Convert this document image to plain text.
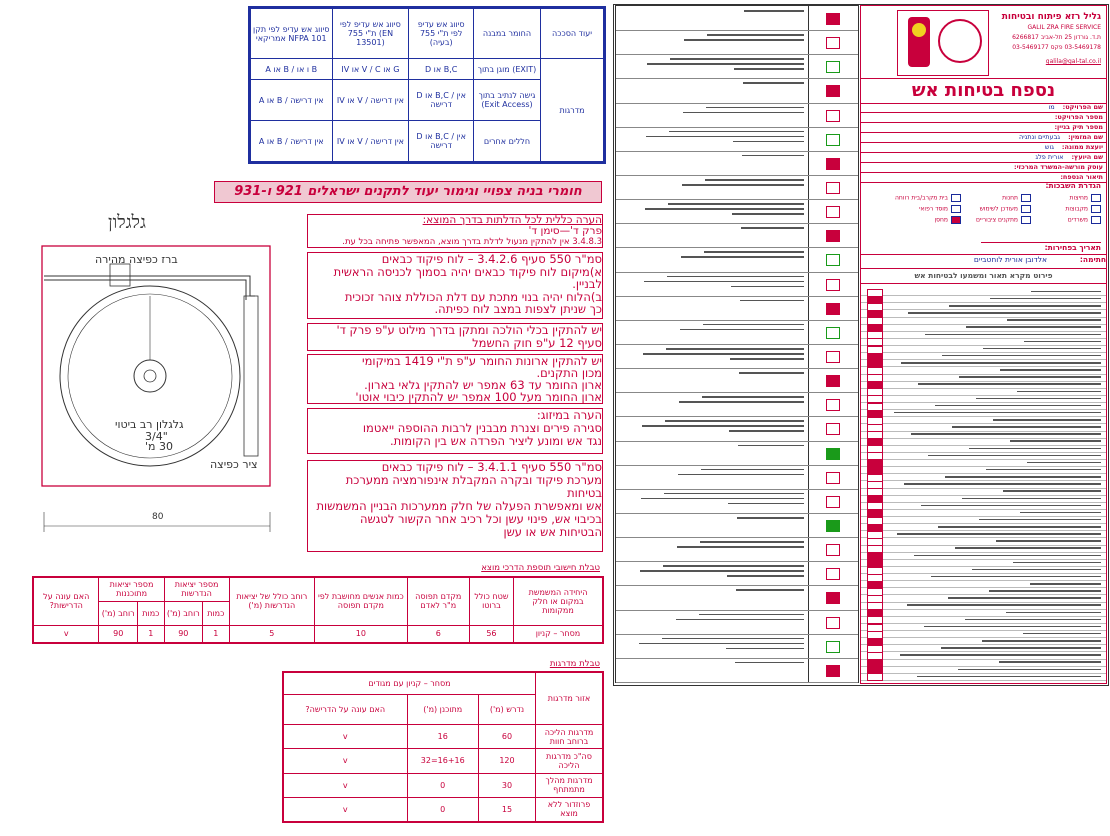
סיווג אש עדיפ לפי תקן אמריקאי NFPA 101	סיווג אש עדיפ לפי ת"י 755 (EN 13501)	סיווג אש עדיפ לפי ת"י 755 (בעיה)	החומר במבנה	יעוד הסככה
A או B / ו או B	IV או V / C או G	D או B,C	מוגן בתוך (EXIT)	מדרגות
A או B / אין דרישה	IV או V / אין דרישה	D או B,C / אין דרישה	גישה לנתיב בתוך (Exit Access)	
A או B / אין דרישה	IV או V / אין דרישה	D או B,C / אין דרישה	חללים אחרים	
חומרי בניה צפויי וגימור יעוד לתקנים ישראלים 921 ו-931
גלגלון
ברז כפיצה מהירה
גלגלון רב ביטוי
3/4"
30 מ'
ציר כפיצה
80
הערה כללית לכל הדלתות בדרך המוצא:
פרק ד'—סימן ד'
3.4.8.3 אין להתקין מנעול לדלת בדרך מוצא, המאפשר פתיחה בכל עת.
סמ"ר 550 סעיף 3.4.2.6 – לוח פיקוד כבאים
א)מיקום לוח פיקוד כבאים יהיה בסמוך לכניסה הראשית
לבניין.
ב)הלוח יהיה בנוי מתכת עם דלת הכוללת צוהר זכוכית
כך שניתן לצפות במצב לוח כפיתה.
יש להתקין בכלי הולכה ומתקן בדרך מילוט ע"פ פרק ד'
סעיף 12 ע"פ חוק החשמל
יש להתקין ארונות החומר ע"פ ת"י 1419 במיקומי
מכון התקנים.
ארון החומר עד 63 אמפר יש להתקין גלאי בארון.
ארון החומר מעל 100 אמפר יש להתקין כיבוי אוטו'
הערה במיזוג:
סגירה פירים וצנרת מבבנין לרבות ההוספה ייאטמו
נגד אש ומונע ליציר הפרדה אש בין הקומות.
סמ"ר 550 סעיף 3.4.1.1 – לוח פיקוד כבאים
מערכת פיקוד ובקרה המקבלת אינפורמציה ממערכת בטיחות
אש ומאפשרת הפעלה של חלק ממערכות הבניין המשמשות
בכיבוי אש, פינוי עשן וכל רכיב אחר הקשור לטגשה
הבטיחות אש או עשן
טבלת חישובי תוספת הדרכי מוצא
היחידה המשמשת במקום או חלק ממקומות	שטח כולל ברוטו	מקדם תפוסה מ"ר לאדם	כמות אנשים מחושבת לפי מקדם תפוסה	רוחב כולל של יציאות הנדרשות (מ')	מספר יציאות הנדרשות		מספר יציאות מתוכננות		האם עונה על הדרישות?
					כמות	רוחב (מ')	כמות	רוחב (מ')	
מסחר – קניון	56	6	10	5	1	90	1	90	v
טבלת מדרגות
אזור מדרגות	מסחר – קניון עם מגודים		
	נדרש (מ')	מתוכנן (מ')	האם עונה על הדרישה?
מדרגות הליכה ברוחב חוות	60	16	v
סה"כ מדרגות הליכה	120	16+16=32	v
מדרגות מהלך מתמתחף	30	0	v
פרוזדור ללא מוצא	15	0	v
גליל רזא פיתוח ובטיחות
GALIL ZRA FIRE SERVICE
ת.ד. גורדון 25 תל-אביב 6266817
03-5469178 פקס 03-5469177
galila@gal-tal.co.il
נספח בטיחות אש
שם הפרויקט:מו
מספר הפרויקט:
מספר תיק בניין:
שם המזמין:גבעתיים ונתניה
יועצת ממונה:גוש
שם היועץ:אורית פלג
עוסק מורשה-המשרד המרכזי:
תיאור הנספח:
הגדרת השבכות:
מחיצות
תחנות
בית מקרב/בית רווחה
מקבוצות
מעודכן לשימוש
מוסד רפואי
משרדים
מתקנים ציבוריים
מחסן
תאריך בפחירות:
חתימה: אלדובן אורית לוחטביים
פירוט מקרא תאור ומשמעו לבטיחות אש
